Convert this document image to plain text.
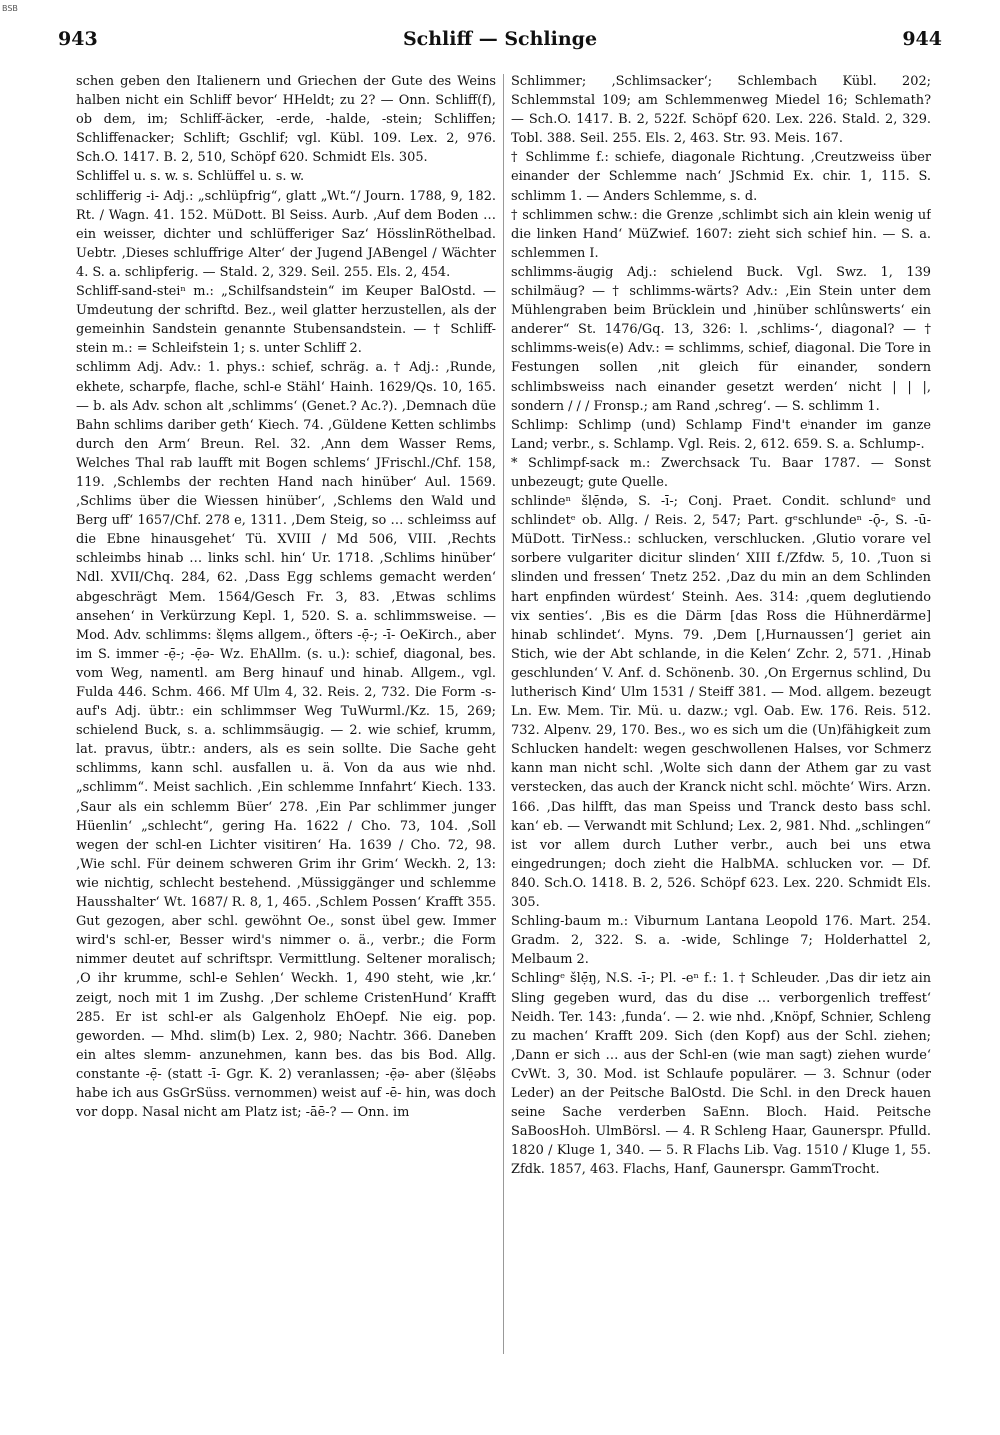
BSB
943	Schliff — Schlinge	944

schen geben den Italienern und Griechen der Gute des Weins halben nicht ein Schliff bevor‘ HHeldt; zu 2? — Onn. Schliff(f), ob dem, im; Schliff-äcker, -erde, -halde, -stein; Schliffen; Schliffenacker; Schlift; Gschlif; vgl. Kübl. 109. Lex. 2, 976. Sch.O. 1417. B. 2, 510, Schöpf 620. Schmidt Els. 305.

Schliffel u. s. w. s. Schlüffel u. s. w.

schlifferig -i- Adj.: „schlüpfrig“, glatt „Wt.“/ Journ. 1788, 9, 182. Rt. / Wagn. 41. 152. MüDott. Bl Seiss. Aurb. ‚Auf dem Boden … ein weisser, dichter und schlüfferiger Saz‘ HösslinRöthelbad. Uebtr. ‚Dieses schluffrige Alter‘ der Jugend JABengel / Wächter 4. S. a. schlipferig. — Stald. 2, 329. Seil. 255. Els. 2, 454.

Schliff-sand-steiⁿ m.: „Schilfsandstein“ im Keuper BalOstd. — Umdeutung der schriftd. Bez., weil glatter herzustellen, als der gemeinhin Sandstein genannte Stubensandstein. — † Schliff-stein m.: = Schleifstein 1; s. unter Schliff 2.

schlimm Adj. Adv.: 1. phys.: schief, schräg. a. † Adj.: ‚Runde, ekhete, scharpfe, flache, schl-e Stähl‘ Hainh. 1629/Qs. 10, 165. — b. als Adv. schon alt ‚schlimms‘ (Genet.? Ac.?). ‚Demnach düe Bahn schlims dariber geth‘ Kiech. 74. ‚Güldene Ketten schlimbs durch den Arm‘ Breun. Rel. 32. ‚Ann dem Wasser Rems, Welches Thal rab laufft mit Bogen schlems‘ JFrischl./Chf. 158, 119. ‚Schlembs der rechten Hand nach hinüber‘ Aul. 1569. ‚Schlims über die Wiessen hinüber‘, ‚Schlems den Wald und Berg uff‘ 1657/Chf. 278 e, 1311. ‚Dem Steig, so … schleimss auf die Ebne hinausgehet‘ Tü. XVIII / Md 506, VIII. ‚Rechts schleimbs hinab … links schl. hin‘ Ur. 1718. ‚Schlims hinüber‘ Ndl. XVII/Chq. 284, 62. ‚Dass Egg schlems gemacht werden‘ abgeschrägt Mem. 1564/Gesch Fr. 3, 83. ‚Etwas schlims ansehen‘ in Verkürzung Kepl. 1, 520. S. a. schlimmsweise. — Mod. Adv. schlimms: šlęms allgem., öfters -ẹ̄-; -ī- OeKirch., aber im S. immer -ẹ̄-; -ẹ̄ə- Wz. EhAllm. (s. u.): schief, diagonal, bes. vom Weg, namentl. am Berg hinauf und hinab. Allgem., vgl. Fulda 446. Schm. 466. Mf Ulm 4, 32. Reis. 2, 732. Die Form -s- auf's Adj. übtr.: ein schlimmser Weg TuWurml./Kz. 15, 269; schielend Buck, s. a. schlimmsäugig. — 2. wie schief, krumm, lat. pravus, übtr.: anders, als es sein sollte. Die Sache geht schlimms, kann schl. ausfallen u. ä. Von da aus wie nhd. „schlimm“. Meist sachlich. ‚Ein schlemme Innfahrt‘ Kiech. 133. ‚Saur als ein schlemm Büer‘ 278. ‚Ein Par schlimmer junger Hüenlin‘ „schlecht“, gering Ha. 1622 / Cho. 73, 104. ‚Soll wegen der schl-en Lichter visitiren‘ Ha. 1639 / Cho. 72, 98. ‚Wie schl. Für deinem schweren Grim ihr Grim‘ Weckh. 2, 13: wie nichtig, schlecht bestehend. ‚Müssiggänger und schlemme Hausshalter‘ Wt. 1687/ R. 8, 1, 465. ‚Schlem Possen‘ Krafft 355. Gut gezogen, aber schl. gewöhnt Oe., sonst übel gew. Immer wird's schl-er, Besser wird's nimmer o. ä., verbr.; die Form nimmer deutet auf schriftspr. Vermittlung. Seltener moralisch; ‚O ihr krumme, schl-e Sehlen‘ Weckh. 1, 490 steht, wie ‚kr.‘ zeigt, noch mit 1 im Zushg. ‚Der schleme CristenHund‘ Krafft 285. Er ist schl-er als Galgenholz EhOepf. Nie eig. pop. geworden. — Mhd. slim(b) Lex. 2, 980; Nachtr. 366. Daneben ein altes slemm- anzunehmen, kann bes. das bis Bod. Allg. constante -ẹ̄- (statt -ī- Ggr. K. 2) veranlassen; -ẹ̄ə- aber (šlẹ̄əbs habe ich aus GsGrSüss. vernommen) weist auf -ē- hin, was doch vor dopp. Nasal nicht am Platz ist; -āē-? — Onn. im

Schlimmer; ‚Schlimsacker‘; Schlembach Kübl. 202; Schlemmstal 109; am Schlemmenweg Miedel 16; Schlemath? — Sch.O. 1417. B. 2, 522f. Schöpf 620. Lex. 226. Stald. 2, 329. Tobl. 388. Seil. 255. Els. 2, 463. Str. 93. Meis. 167.

† Schlimme f.: schiefe, diagonale Richtung. ‚Creutzweiss über einander der Schlemme nach‘ JSchmid Ex. chir. 1, 115. S. schlimm 1. — Anders Schlemme, s. d.

† schlimmen schw.: die Grenze ‚schlimbt sich ain klein wenig uf die linken Hand‘ MüZwief. 1607: zieht sich schief hin. — S. a. schlemmen I.

schlimms-äugig Adj.: schielend Buck. Vgl. Swz. 1, 139 schilmäug? — † schlimms-wärts? Adv.: ‚Ein Stein unter dem Mühlengraben beim Brücklein und ‚hinüber schlûnswerts‘ ein anderer“ St. 1476/Gq. 13, 326: l. ‚schlims-‘, diagonal? — † schlimms-weis(e) Adv.: = schlimms, schief, diagonal. Die Tore in Festungen sollen ‚nit gleich für einander, sondern schlimbsweiss nach einander gesetzt werden‘ nicht | | |, sondern / / / Fronsp.; am Rand ‚schreg‘. — S. schlimm 1.

Schlimp: Schlimp (und) Schlamp Find't eⁱnander im ganze Land; verbr., s. Schlamp. Vgl. Reis. 2, 612. 659. S. a. Schlump-.

* Schlimpf-sack m.: Zwerchsack Tu. Baar 1787. — Sonst unbezeugt; gute Quelle.

schlindeⁿ šlẹ̄ndə, S. -ī-; Conj. Praet. Condit. schlundᵉ und schlindetᵉ ob. Allg. / Reis. 2, 547; Part. gᵉschlundeⁿ -ǭ-, S. -ū- MüDott. TirNess.: schlucken, verschlucken. ‚Glutio vorare vel sorbere vulgariter dicitur slinden‘ XIII f./Zfdw. 5, 10. ‚Tuon si slinden und fressen‘ Tnetz 252. ‚Daz du min an dem Schlinden hart enpfinden würdest‘ Steinh. Aes. 314: ‚quem deglutiendo vix senties‘. ‚Bis es die Därm [das Ross die Hühnerdärme] hinab schlindet‘. Myns. 79. ‚Dem [‚Hurnaussen‘] geriet ain Stich, wie der Abt schlande, in die Kelen‘ Zchr. 2, 571. ‚Hinab geschlunden‘ V. Anf. d. Schönenb. 30. ‚On Ergernus schlind, Du lutherisch Kind‘ Ulm 1531 / Steiff 381. — Mod. allgem. bezeugt Ln. Ew. Mem. Tir. Mü. u. dazw.; vgl. Oab. Ew. 176. Reis. 512. 732. Alpenv. 29, 170. Bes., wo es sich um die (Un)fähigkeit zum Schlucken handelt: wegen geschwollenen Halses, vor Schmerz kann man nicht schl. ‚Wolte sich dann der Athem gar zu vast verstecken, das auch der Kranck nicht schl. möchte‘ Wirs. Arzn. 166. ‚Das hilfft, das man Speiss und Tranck desto bass schl. kan‘ eb. — Verwandt mit Schlund; Lex. 2, 981. Nhd. „schlingen“ ist vor allem durch Luther verbr., auch bei uns etwa eingedrungen; doch zieht die HalbMA. schlucken vor. — Df. 840. Sch.O. 1418. B. 2, 526. Schöpf 623. Lex. 220. Schmidt Els. 305.

Schling-baum m.: Viburnum Lantana Leopold 176. Mart. 254. Gradm. 2, 322. S. a. -wide, Schlinge 7; Holderhattel 2, Melbaum 2.

Schlingᵉ šlẹ̄ŋ, N.S. -ī-; Pl. -eⁿ f.: 1. † Schleuder. ‚Das dir ietz ain Sling gegeben wurd, das du dise … verborgenlich treffest‘ Neidh. Ter. 143: ‚funda‘. — 2. wie nhd. ‚Knöpf, Schnier, Schleng zu machen‘ Krafft 209. Sich (den Kopf) aus der Schl. ziehen; ‚Dann er sich … aus der Schl-en (wie man sagt) ziehen wurde‘ CvWt. 3, 30. Mod. ist Schlaufe populärer. — 3. Schnur (oder Leder) an der Peitsche BalOstd. Die Schl. in den Dreck hauen seine Sache verderben SaEnn. Bloch. Haid. Peitsche SaBoosHoh. UlmBörsl. — 4. R Schleng Haar, Gaunerspr. Pfulld. 1820 / Kluge 1, 340. — 5. R Flachs Lib. Vag. 1510 / Kluge 1, 55. Zfdk. 1857, 463. Flachs, Hanf, Gaunerspr. GammTrocht.
